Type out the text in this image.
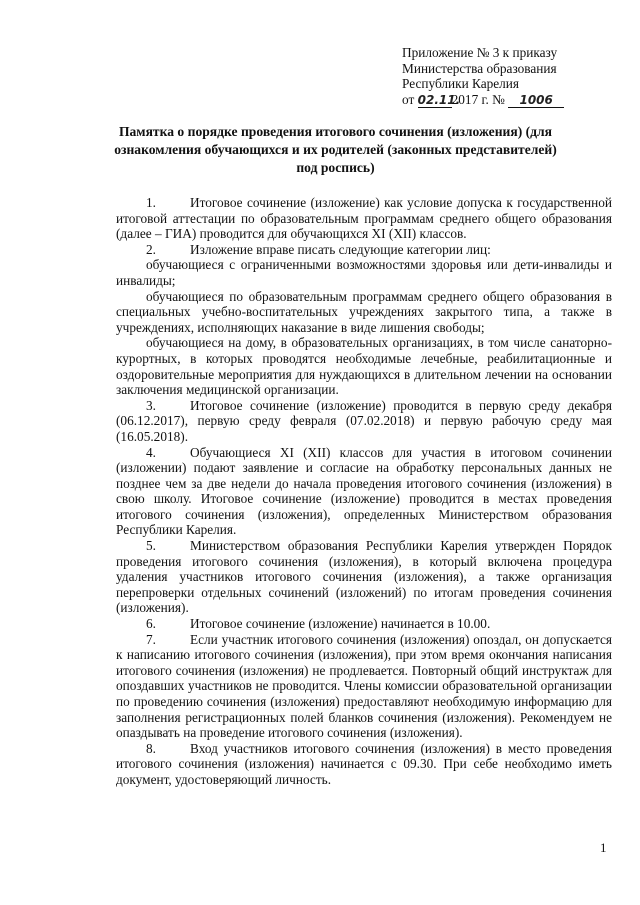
Приложение № 3 к приказу
Министерства образования
Республики Карелия
от 02.11.2017 г. № 1006
Памятка о порядке проведения итогового сочинения (изложения) (для ознакомления обучающихся и их родителей (законных представителей) под роспись)

1.	Итоговое сочинение (изложение) как условие допуска к государственной итоговой аттестации по образовательным программам среднего общего образования (далее – ГИА) проводится для обучающихся XI (XII) классов.

2.	Изложение вправе писать следующие категории лиц:

обучающиеся с ограниченными возможностями здоровья или дети-инвалиды и инвалиды;

обучающиеся по образовательным программам среднего общего образования в специальных учебно-воспитательных учреждениях закрытого типа, а также в учреждениях, исполняющих наказание в виде лишения свободы;

обучающиеся на дому, в образовательных организациях, в том числе санаторно-курортных, в которых проводятся необходимые лечебные, реабилитационные и оздоровительные мероприятия для нуждающихся в длительном лечении на основании заключения медицинской организации.

3.	Итоговое сочинение (изложение) проводится в первую среду декабря (06.12.2017), первую среду февраля (07.02.2018) и первую рабочую среду мая (16.05.2018).

4.	Обучающиеся XI (XII) классов для участия в итоговом сочинении (изложении) подают заявление и согласие на обработку персональных данных не позднее чем за две недели до начала проведения итогового сочинения (изложения) в свою школу. Итоговое сочинение (изложение) проводится в местах проведения итогового сочинения (изложения), определенных Министерством образования Республики Карелия.

5.	Министерством образования Республики Карелия утвержден Порядок проведения итогового сочинения (изложения), в который включена процедура удаления участников итогового сочинения (изложения), а также организация перепроверки отдельных сочинений (изложений) по итогам проведения сочинения (изложения).

6.	Итоговое сочинение (изложение) начинается в 10.00.

7.	Если участник итогового сочинения (изложения) опоздал, он допускается к написанию итогового сочинения (изложения), при этом время окончания написания итогового сочинения (изложения) не продлевается. Повторный общий инструктаж для опоздавших участников не проводится. Члены комиссии образовательной организации по проведению сочинения (изложения) предоставляют необходимую информацию для заполнения регистрационных полей бланков сочинения (изложения). Рекомендуем не опаздывать на проведение итогового сочинения (изложения).

8.	Вход участников итогового сочинения (изложения) в место проведения итогового сочинения (изложения) начинается с 09.30. При себе необходимо иметь документ, удостоверяющий личность.

1
